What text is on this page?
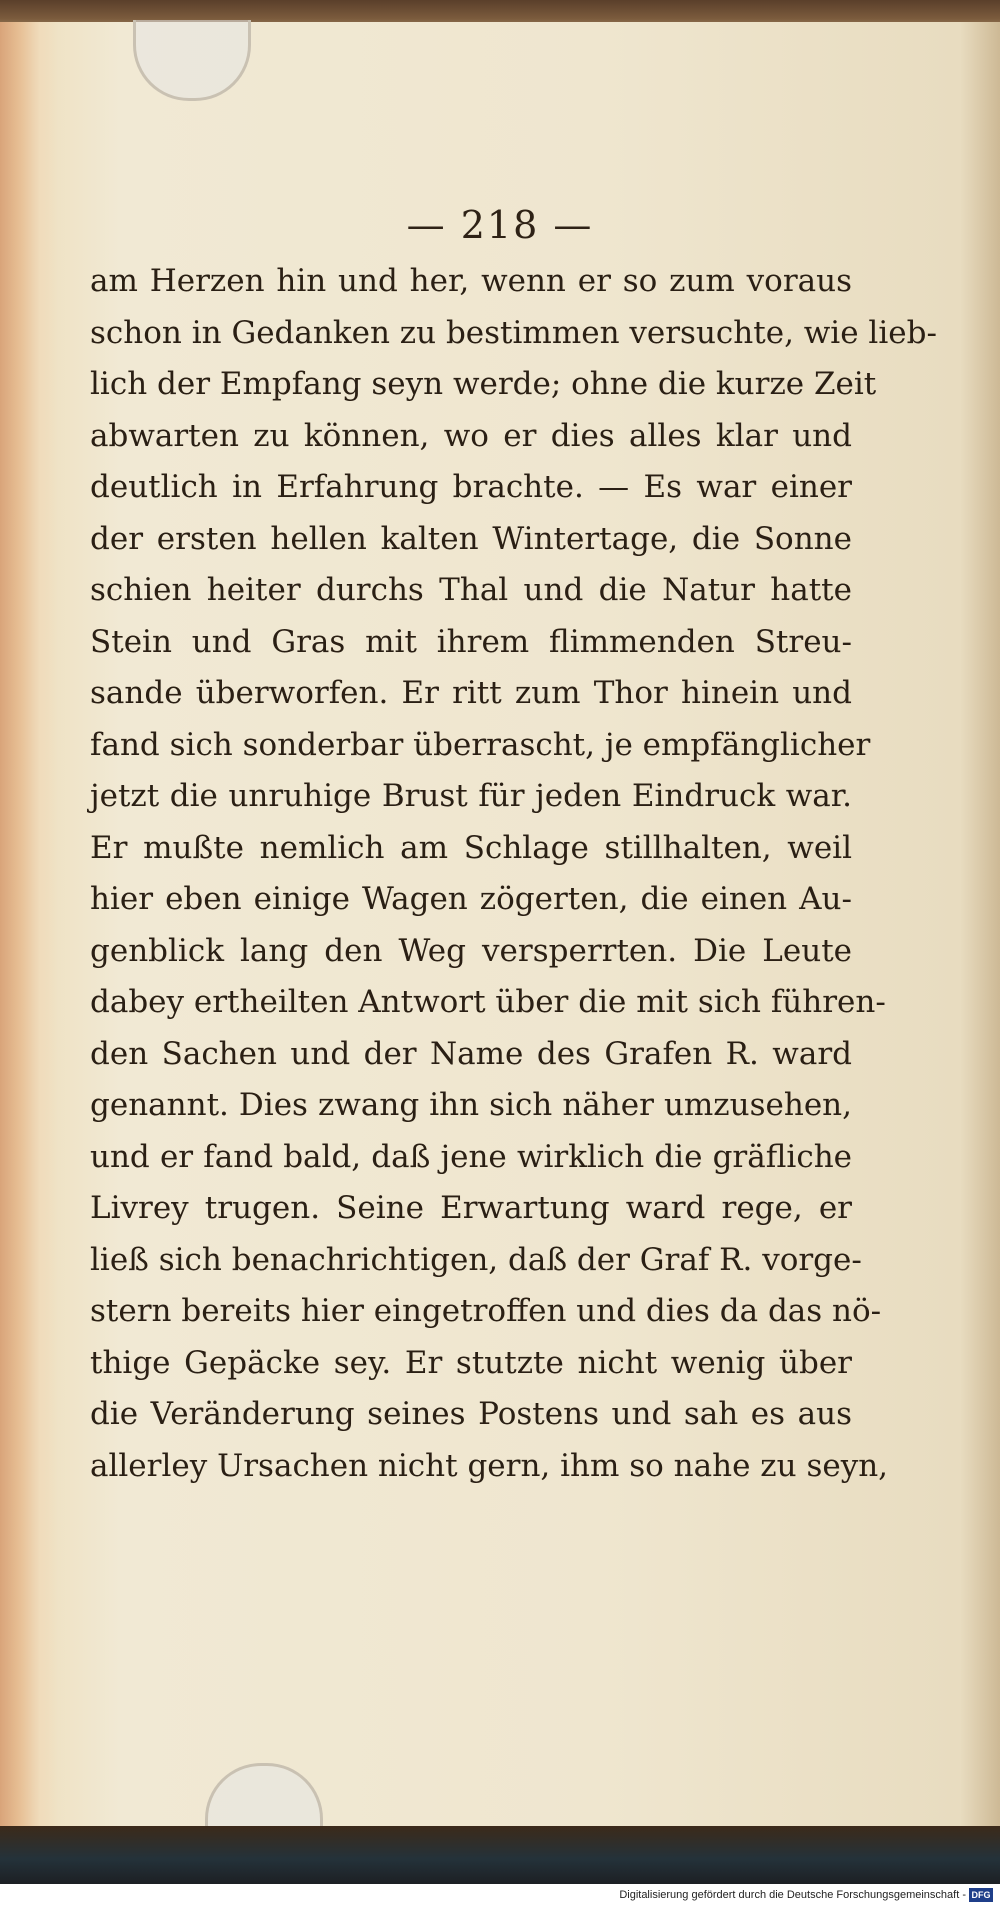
— 218 —
am Herzen hin und her, wenn er so zum voraus
schon in Gedanken zu bestimmen versuchte, wie lieb-
lich der Empfang seyn werde; ohne die kurze Zeit
abwarten zu können, wo er dies alles klar und
deutlich in Erfahrung brachte. — Es war einer
der ersten hellen kalten Wintertage, die Sonne
schien heiter durchs Thal und die Natur hatte
Stein und Gras mit ihrem flimmenden Streu-
sande überworfen. Er ritt zum Thor hinein und
fand sich sonderbar überrascht, je empfänglicher
jetzt die unruhige Brust für jeden Eindruck war.
Er mußte nemlich am Schlage stillhalten, weil
hier eben einige Wagen zögerten, die einen Au-
genblick lang den Weg versperrten. Die Leute
dabey ertheilten Antwort über die mit sich führen-
den Sachen und der Name des Grafen R. ward
genannt. Dies zwang ihn sich näher umzusehen,
und er fand bald, daß jene wirklich die gräfliche
Livrey trugen. Seine Erwartung ward rege, er
ließ sich benachrichtigen, daß der Graf R. vorge-
stern bereits hier eingetroffen und dies da das nö-
thige Gepäcke sey. Er stutzte nicht wenig über
die Veränderung seines Postens und sah es aus
allerley Ursachen nicht gern, ihm so nahe zu seyn,
Digitalisierung gefördert durch die Deutsche Forschungsgemeinschaft - DFG
